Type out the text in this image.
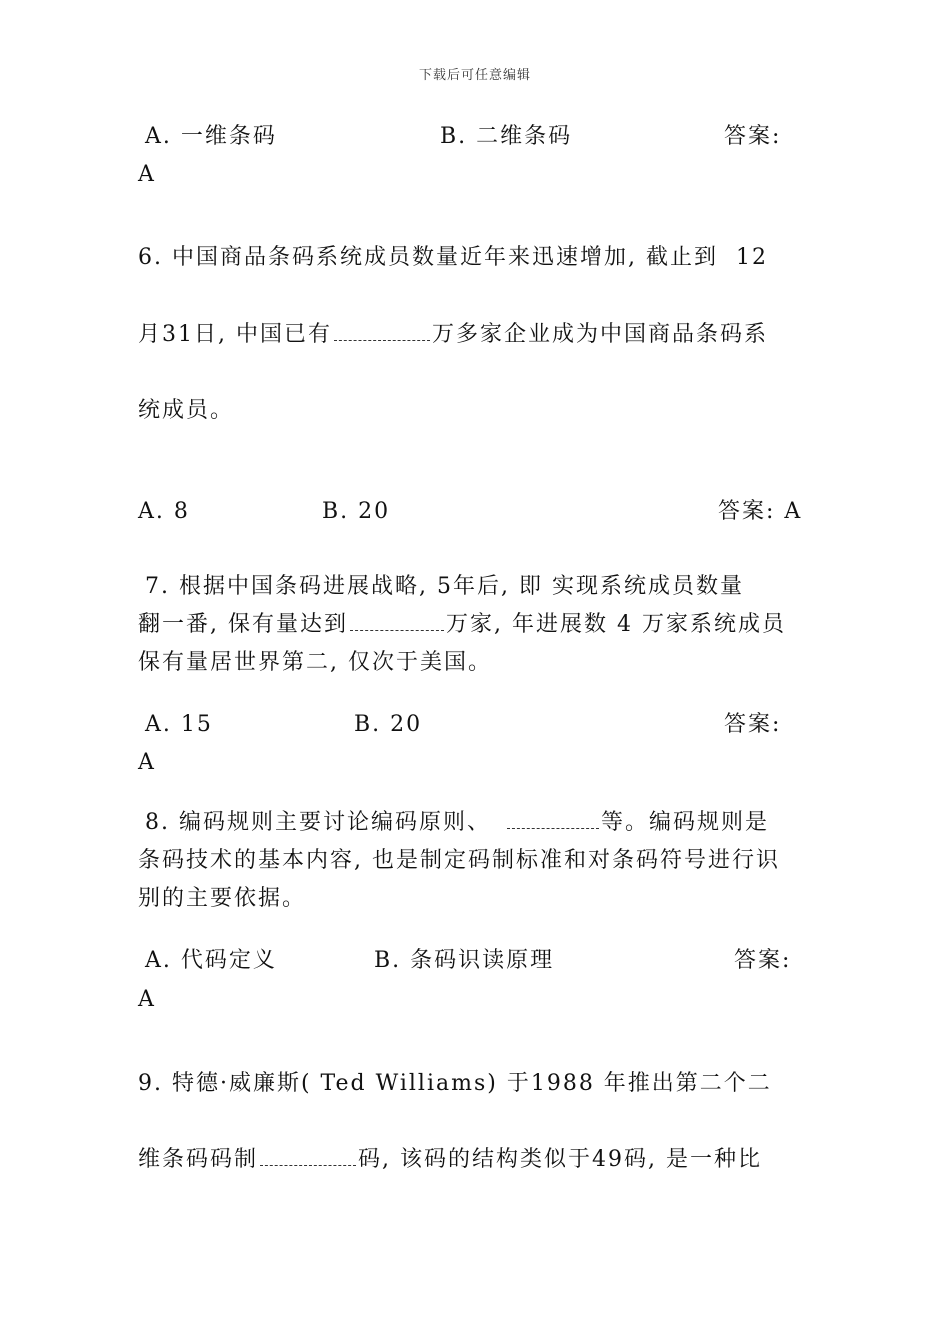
下载后可任意编辑
A. 一维条码	B. 二维条码	答案:
A
6. 中国商品条码系统成员数量近年来迅速增加, 截止到  12
月31日, 中国已有	万多家企业成为中国商品条码系
统成员。
A. 8	B. 20	答案: A
7. 根据中国条码进展战略, 5年后, 即 实现系统成员数量
翻一番, 保有量达到	万家, 年进展数 4 万家系统成员
保有量居世界第二, 仅次于美国。
A. 15	B. 20	答案:
A
8. 编码规则主要讨论编码原则、	等。编码规则是
条码技术的基本内容, 也是制定码制标准和对条码符号进行识
别的主要依据。
A. 代码定义	B. 条码识读原理	答案:
A
9. 特德·威廉斯( Ted Williams) 于1988 年推出第二个二
维条码码制	码, 该码的结构类似于49码, 是一种比
